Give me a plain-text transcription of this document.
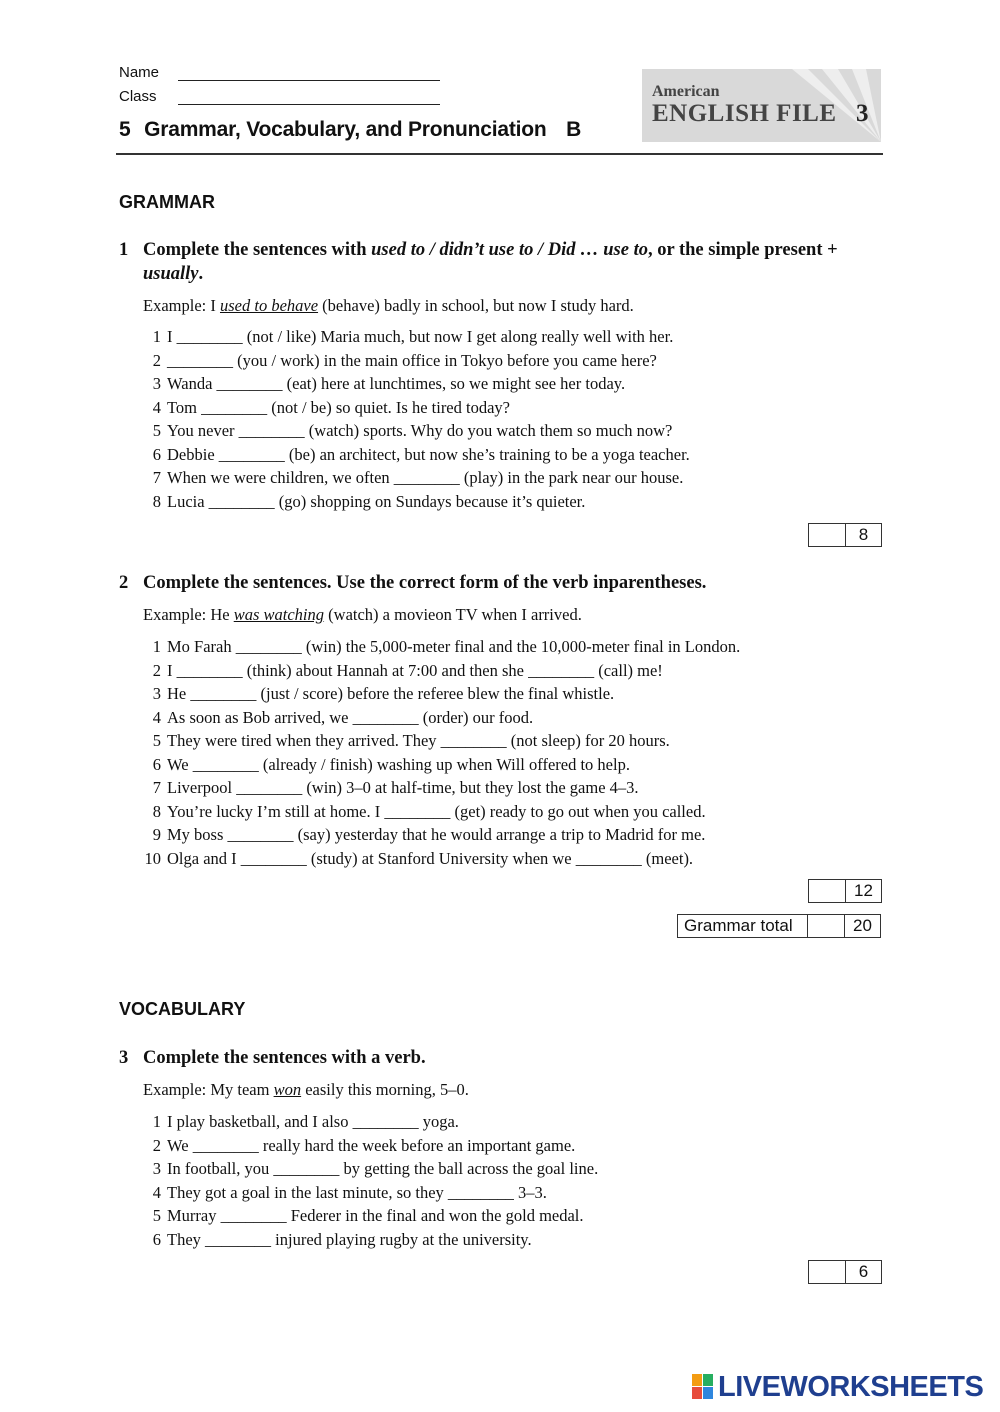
Name
Class
5 Grammar, Vocabulary, and Pronunciation B
American
ENGLISH FILE 3
GRAMMAR
1 Complete the sentences with used to / didn’t use to / Did … use to, or the simple present + usually.
Example: I used to behave (behave) badly in school, but now I study hard.
1 I ________ (not / like) Maria much, but now I get along really well with her.
2 ________ (you / work) in the main office in Tokyo before you came here?
3 Wanda ________ (eat) here at lunchtimes, so we might see her today.
4 Tom ________ (not / be) so quiet. Is he tired today?
5 You never ________ (watch) sports. Why do you watch them so much now?
6 Debbie ________ (be) an architect, but now she’s training to be a yoga teacher.
7 When we were children, we often ________ (play) in the park near our house.
8 Lucia ________ (go) shopping on Sundays because it’s quieter.
8
2 Complete the sentences. Use the correct form of the verb inparentheses.
Example: He was watching (watch) a movieon TV when I arrived.
1 Mo Farah ________ (win) the 5,000-meter final and the 10,000-meter final in London.
2 I ________ (think) about Hannah at 7:00 and then she ________ (call) me!
3 He ________ (just / score) before the referee blew the final whistle.
4 As soon as Bob arrived, we ________ (order) our food.
5 They were tired when they arrived. They ________ (not sleep) for 20 hours.
6 We ________ (already / finish) washing up when Will offered to help.
7 Liverpool ________ (win) 3–0 at half-time, but they lost the game 4–3.
8 You’re lucky I’m still at home. I ________ (get) ready to go out when you called.
9 My boss ________ (say) yesterday that he would arrange a trip to Madrid for me.
10 Olga and I ________ (study) at Stanford University when we ________ (meet).
12
Grammar total	20
VOCABULARY
3 Complete the sentences with a verb.
Example: My team won easily this morning, 5–0.
1 I play basketball, and I also ________ yoga.
2 We ________ really hard the week before an important game.
3 In football, you ________ by getting the ball across the goal line.
4 They got a goal in the last minute, so they ________ 3–3.
5 Murray ________ Federer in the final and won the gold medal.
6 They ________ injured playing rugby at the university.
6
LIVEWORKSHEETS
